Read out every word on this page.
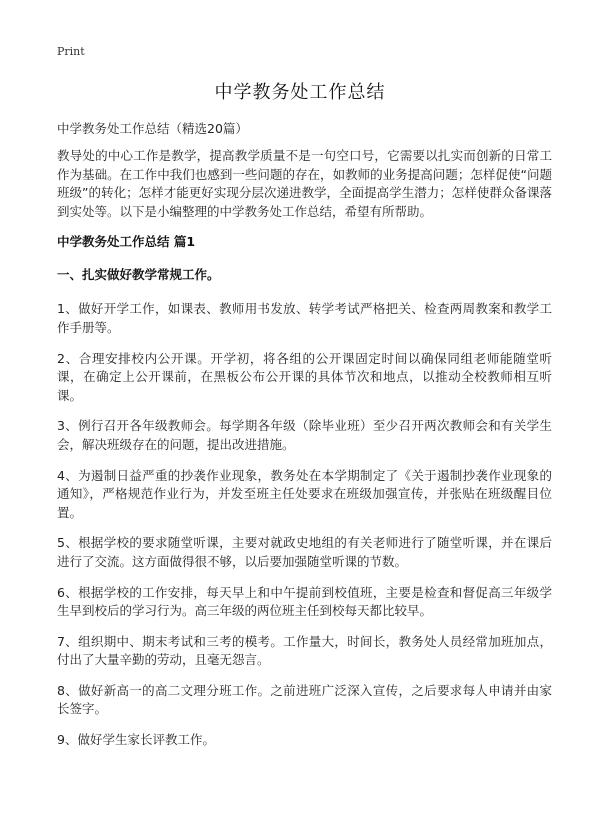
Print
中学教务处工作总结
中学教务处工作总结（精选20篇）

教导处的中心工作是教学，提高教学质量不是一句空口号，它需要以扎实而创新的日常工作为基础。在工作中我们也感到一些问题的存在，如教师的业务提高问题；怎样促使“问题班级”的转化；怎样才能更好实现分层次递进教学，全面提高学生潜力；怎样使群众备课落到实处等。以下是小编整理的中学教务处工作总结，希望有所帮助。

中学教务处工作总结 篇1
一、扎实做好教学常规工作。

1、做好开学工作，如课表、教师用书发放、转学考试严格把关、检查两周教案和教学工作手册等。

2、合理安排校内公开课。开学初，将各组的公开课固定时间以确保同组老师能随堂听课，在确定上公开课前，在黑板公布公开课的具体节次和地点，以推动全校教师相互听课。

3、例行召开各年级教师会。每学期各年级（除毕业班）至少召开两次教师会和有关学生会，解决班级存在的问题，提出改进措施。

4、为遏制日益严重的抄袭作业现象，教务处在本学期制定了《关于遏制抄袭作业现象的通知》，严格规范作业行为，并发至班主任处要求在班级加强宣传，并张贴在班级醒目位置。

5、根据学校的要求随堂听课，主要对就政史地组的有关老师进行了随堂听课，并在课后进行了交流。这方面做得很不够，以后要加强随堂听课的节数。

6、根据学校的工作安排，每天早上和中午提前到校值班，主要是检查和督促高三年级学生早到校后的学习行为。高三年级的两位班主任到校每天都比较早。

7、组织期中、期末考试和三考的模考。工作量大，时间长，教务处人员经常加班加点，付出了大量辛勤的劳动，且毫无怨言。

8、做好新高一的高二文理分班工作。之前进班广泛深入宣传，之后要求每人申请并由家长签字。

9、做好学生家长评教工作。
